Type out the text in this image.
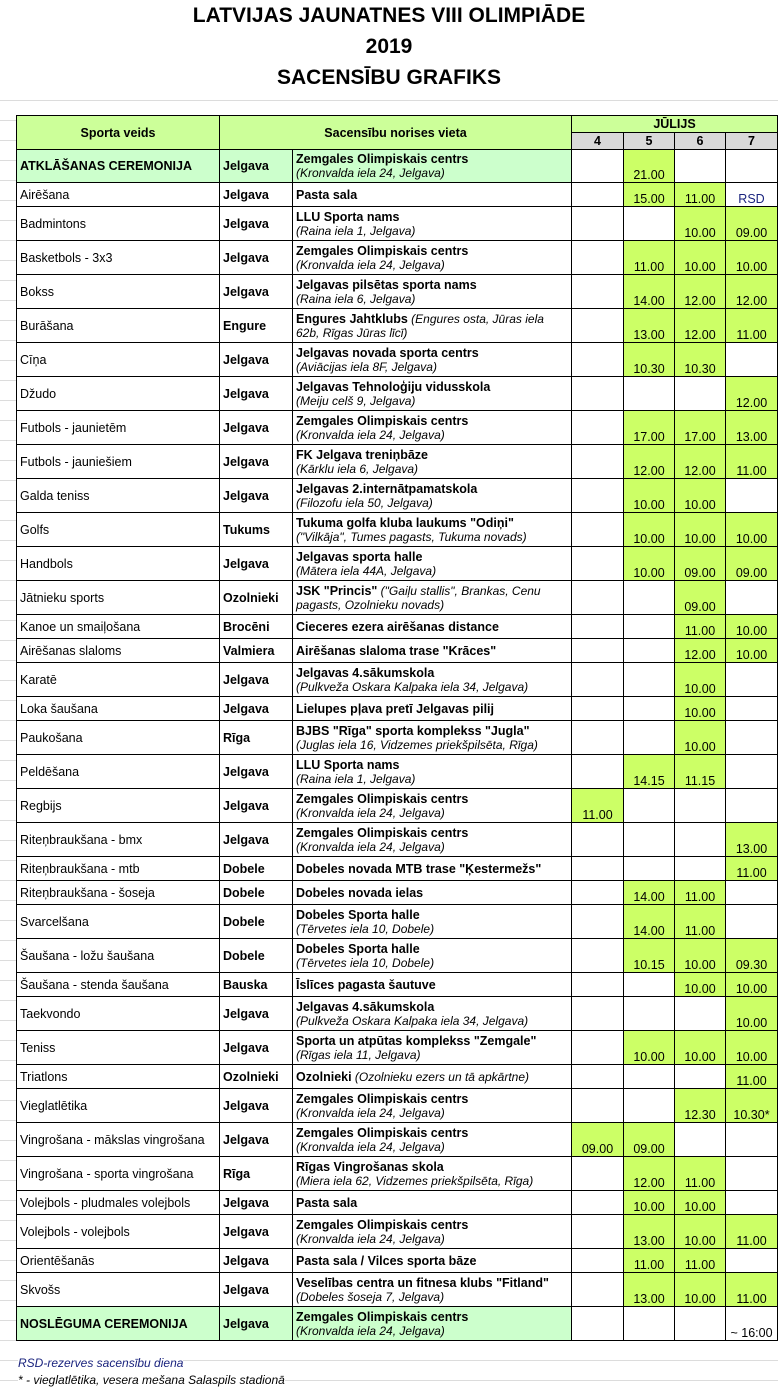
LATVIJAS JAUNATNES VIII OLIMPIĀDE
2019
SACENSĪBU GRAFIKS
Sporta veids	Sacensību norises vieta		JŪLIJS			
			4	5	6	7
ATKLĀŠANAS CEREMONIJA	Jelgava	Zemgales Olimpiskais centrs
(Kronvalda iela 24, Jelgava)		21.00		
Airēšana	Jelgava	Pasta sala		15.00	11.00	RSD
Badmintons	Jelgava	LLU Sporta nams
(Raina iela 1, Jelgava)			10.00	09.00
Basketbols - 3x3	Jelgava	Zemgales Olimpiskais centrs
(Kronvalda iela 24, Jelgava)		11.00	10.00	10.00
Bokss	Jelgava	Jelgavas pilsētas sporta nams
(Raina iela 6, Jelgava)		14.00	12.00	12.00
Burāšana	Engure	Engures Jahtklubs (Engures osta, Jūras iela
62b, Rīgas Jūras līcī)		13.00	12.00	11.00
Cīņa	Jelgava	Jelgavas novada sporta centrs
(Aviācijas iela 8F, Jelgava)		10.30	10.30	
Džudo	Jelgava	Jelgavas Tehnoloģiju vidusskola
(Meiju celš 9, Jelgava)				12.00
Futbols - jaunietēm	Jelgava	Zemgales Olimpiskais centrs
(Kronvalda iela 24, Jelgava)		17.00	17.00	13.00
Futbols - jauniešiem	Jelgava	FK Jelgava treniņbāze
(Kārklu iela 6, Jelgava)		12.00	12.00	11.00
Galda teniss	Jelgava	Jelgavas 2.internātpamatskola
(Filozofu iela 50, Jelgava)		10.00	10.00	
Golfs	Tukums	Tukuma golfa kluba laukums "Odiņi"
("Vilkāja", Tumes pagasts, Tukuma novads)		10.00	10.00	10.00
Handbols	Jelgava	Jelgavas sporta halle
(Mātera iela 44A, Jelgava)		10.00	09.00	09.00
Jātnieku sports	Ozolnieki	JSK "Princis" ("Gaiļu stallis", Brankas, Cenu
pagasts, Ozolnieku novads)			09.00	
Kanoe un smaiļošana	Brocēni	Cieceres ezera airēšanas distance			11.00	10.00
Airēšanas slaloms	Valmiera	Airēšanas slaloma trase "Krāces"			12.00	10.00
Karatē	Jelgava	Jelgavas 4.sākumskola
(Pulkveža Oskara Kalpaka iela 34, Jelgava)			10.00	
Loka šaušana	Jelgava	Lielupes pļava pretī Jelgavas pilij			10.00	
Paukošana	Rīga	BJBS "Rīga" sporta komplekss "Jugla"
(Juglas iela 16, Vidzemes priekšpilsēta, Rīga)			10.00	
Peldēšana	Jelgava	LLU Sporta nams
(Raina iela 1, Jelgava)		14.15	11.15	
Regbijs	Jelgava	Zemgales Olimpiskais centrs
(Kronvalda iela 24, Jelgava)	11.00			
Riteņbraukšana - bmx	Jelgava	Zemgales Olimpiskais centrs
(Kronvalda iela 24, Jelgava)				13.00
Riteņbraukšana - mtb	Dobele	Dobeles novada MTB trase "Ķestermežs"				11.00
Riteņbraukšana - šoseja	Dobele	Dobeles novada ielas		14.00	11.00	
Svarcelšana	Dobele	Dobeles Sporta halle
(Tērvetes iela 10, Dobele)		14.00	11.00	
Šaušana - ložu šaušana	Dobele	Dobeles Sporta halle
(Tērvetes iela 10, Dobele)		10.15	10.00	09.30
Šaušana - stenda šaušana	Bauska	Īslīces pagasta šautuve			10.00	10.00
Taekvondo	Jelgava	Jelgavas 4.sākumskola
(Pulkveža Oskara Kalpaka iela 34, Jelgava)				10.00
Teniss	Jelgava	Sporta un atpūtas komplekss "Zemgale"
(Rīgas iela 11, Jelgava)		10.00	10.00	10.00
Triatlons	Ozolnieki	Ozolnieki (Ozolnieku ezers un tā apkārtne)				11.00
Vieglatlētika	Jelgava	Zemgales Olimpiskais centrs
(Kronvalda iela 24, Jelgava)			12.30	10.30*
Vingrošana - mākslas vingrošana	Jelgava	Zemgales Olimpiskais centrs
(Kronvalda iela 24, Jelgava)	09.00	09.00		
Vingrošana - sporta vingrošana	Rīga	Rīgas Vingrošanas skola
(Miera iela 62, Vidzemes priekšpilsēta, Rīga)		12.00	11.00	
Volejbols - pludmales volejbols	Jelgava	Pasta sala		10.00	10.00	
Volejbols - volejbols	Jelgava	Zemgales Olimpiskais centrs
(Kronvalda iela 24, Jelgava)		13.00	10.00	11.00
Orientēšanās	Jelgava	Pasta sala / Vilces sporta bāze		11.00	11.00	
Skvošs	Jelgava	Veselības centra un fitnesa klubs "Fitland"
(Dobeles šoseja 7, Jelgava)		13.00	10.00	11.00
NOSLĒGUMA CEREMONIJA	Jelgava	Zemgales Olimpiskais centrs
(Kronvalda iela 24, Jelgava)				~ 16:00
RSD-rezerves sacensību diena
* - vieglatlētika, vesera mešana Salaspils stadionā
